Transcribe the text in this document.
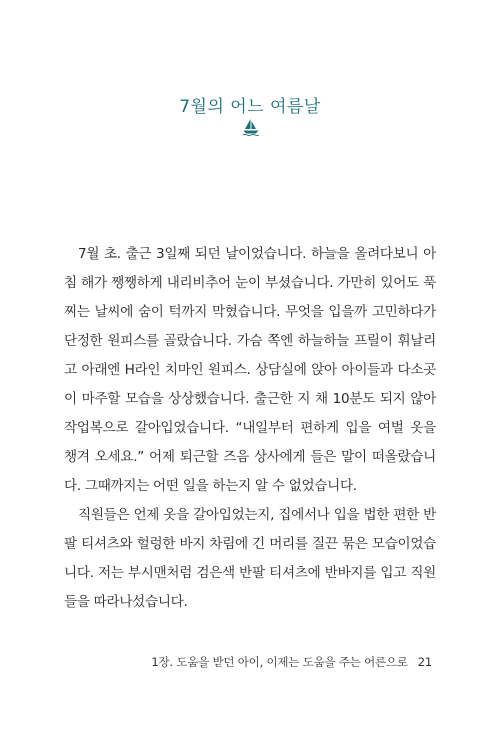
7월의 어느 여름날

7월 초. 출근 3일째 되던 날이었습니다. 하늘을 올려다보니 아침 해가 쨍쨍하게 내리비추어 눈이 부셨습니다. 가만히 있어도 푹 찌는 날씨에 숨이 턱까지 막혔습니다. 무엇을 입을까 고민하다가 단정한 원피스를 골랐습니다. 가슴 쪽엔 하늘하늘 프릴이 휘날리고 아래엔 H라인 치마인 원피스. 상담실에 앉아 아이들과 다소곳이 마주할 모습을 상상했습니다. 출근한 지 채 10분도 되지 않아 작업복으로 갈아입었습니다. “내일부터 편하게 입을 여벌 옷을 챙겨 오세요.” 어제 퇴근할 즈음 상사에게 들은 말이 떠올랐습니다. 그때까지는 어떤 일을 하는지 알 수 없었습니다.

직원들은 언제 옷을 갈아입었는지, 집에서나 입을 법한 편한 반팔 티셔츠와 헐렁한 바지 차림에 긴 머리를 질끈 묶은 모습이었습니다. 저는 부시맨처럼 검은색 반팔 티셔츠에 반바지를 입고 직원들을 따라나섰습니다.

1장. 도움을 받던 아이, 이제는 도움을 주는 어른으로 21
